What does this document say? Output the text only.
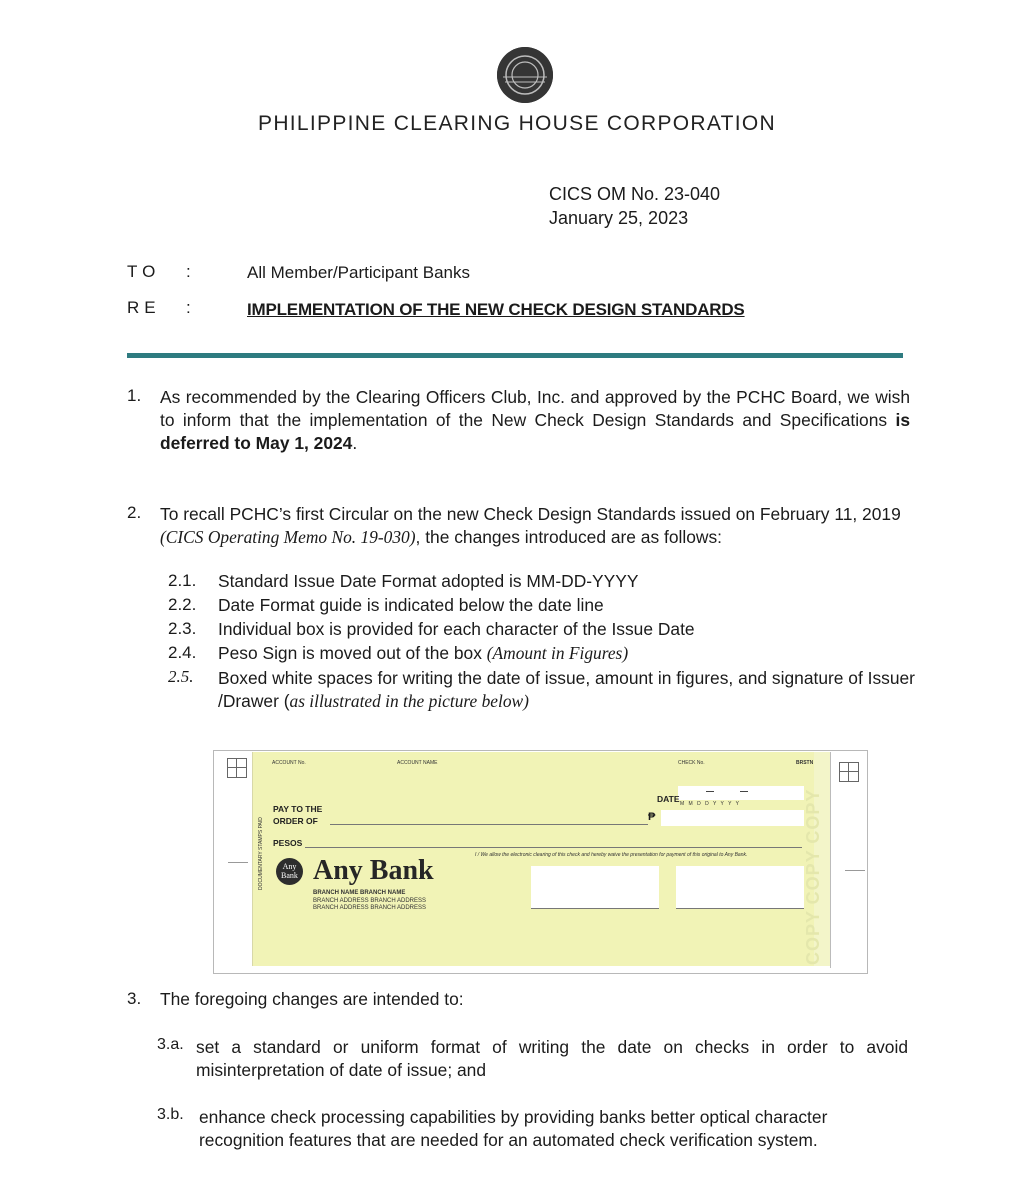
PHILIPPINE CLEARING HOUSE CORPORATION
CICS OM No. 23-040
January 25, 2023
TO :	All Member/Participant Banks
RE :	IMPLEMENTATION OF THE NEW CHECK DESIGN STANDARDS
1. As recommended by the Clearing Officers Club, Inc. and approved by the PCHC Board, we wish to inform that the implementation of the New Check Design Standards and Specifications is deferred to May 1, 2024.
2. To recall PCHC’s first Circular on the new Check Design Standards issued on February 11, 2019 (CICS Operating Memo No. 19-030), the changes introduced are as follows:
2.1. Standard Issue Date Format adopted is MM-DD-YYYY
2.2. Date Format guide is indicated below the date line
2.3. Individual box is provided for each character of the Issue Date
2.4. Peso Sign is moved out of the box (Amount in Figures)
2.5. Boxed white spaces for writing the date of issue, amount in figures, and signature of Issuer /Drawer (as illustrated in the picture below)
ACCOUNT No.	ACCOUNT NAME	CHECK No.	BRSTN
DATE M M D D Y Y Y Y
PAY TO THE
ORDER OF	₱
PESOS
I / We allow the electronic clearing of this check and hereby waive the presentation for payment of this original to Any Bank.
Any
Bank Any Bank
BRANCH NAME BRANCH NAME
BRANCH ADDRESS BRANCH ADDRESS
BRANCH ADDRESS BRANCH ADDRESS
DOCUMENTARY STAMPS PAID	COPY COPY COPY
3. The foregoing changes are intended to:
3.a. set a standard or uniform format of writing the date on checks in order to avoid misinterpretation of date of issue; and
3.b. enhance check processing capabilities by providing banks better optical character recognition features that are needed for an automated check verification system.
